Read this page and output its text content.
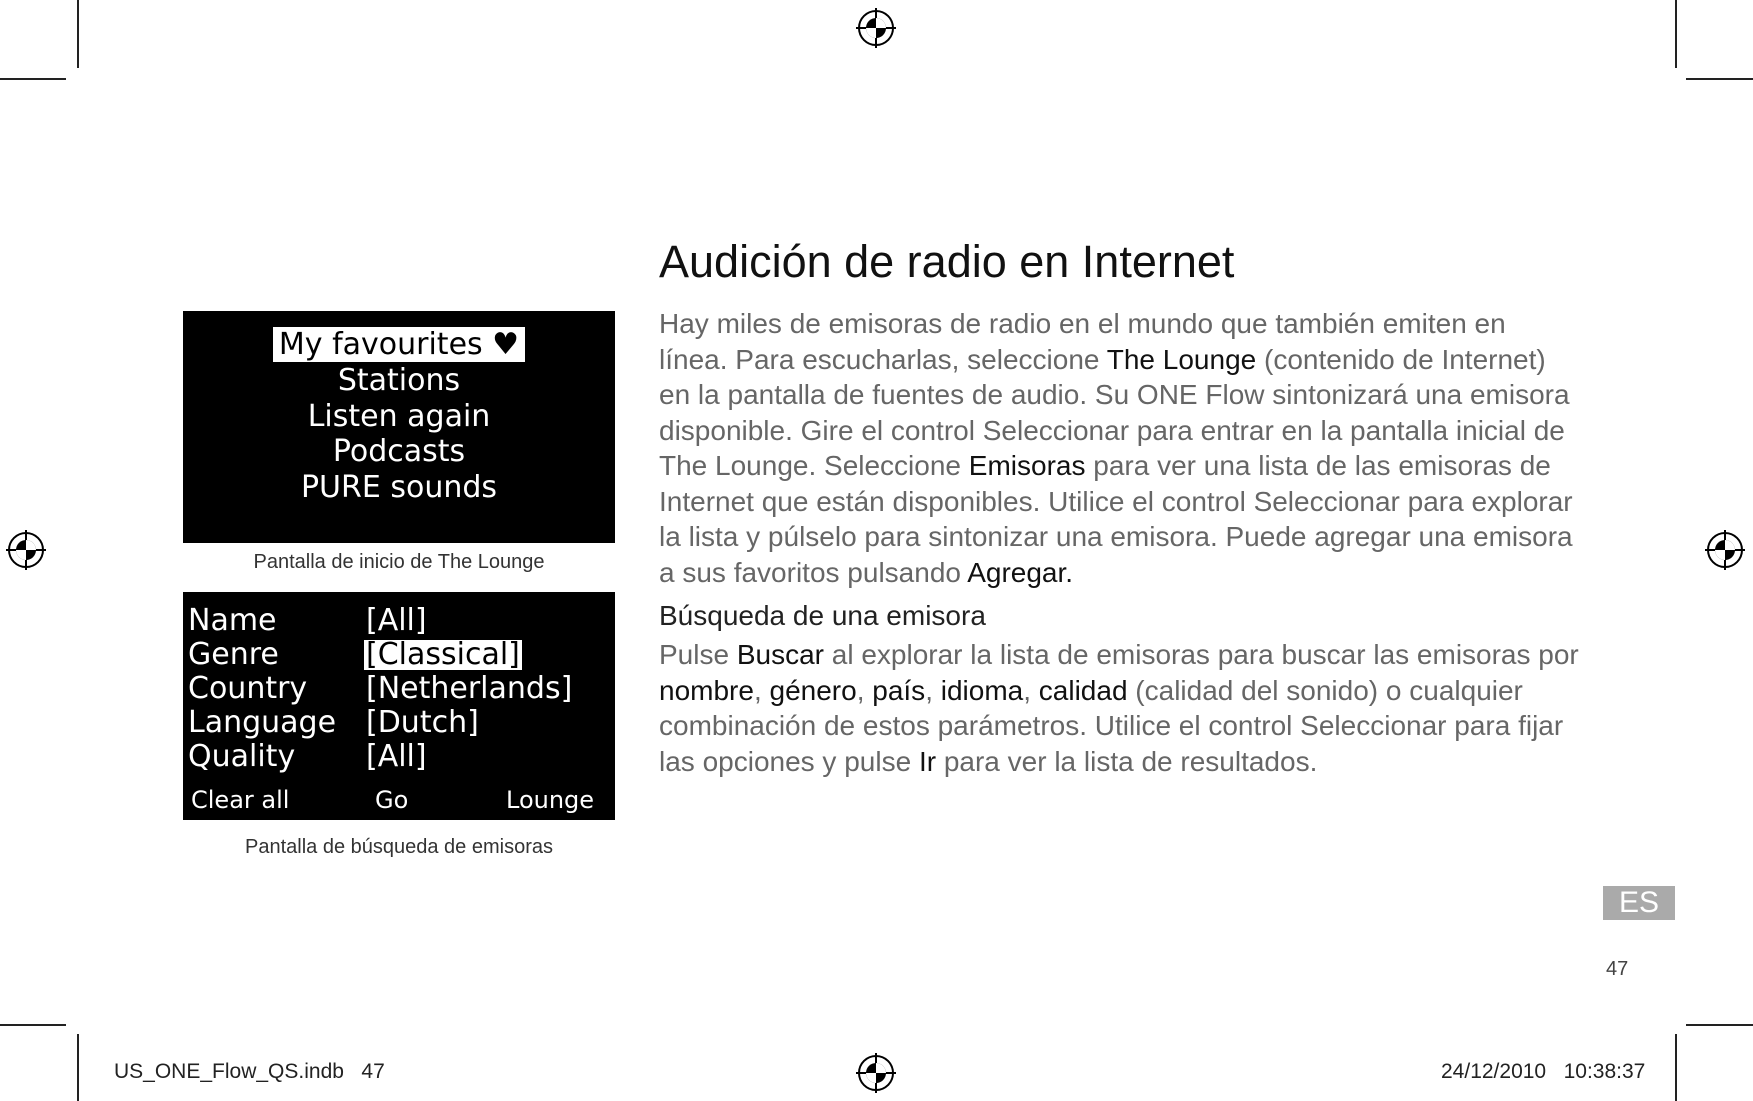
My favourites ♥
Stations
Listen again
Podcasts
PURE sounds
Pantalla de inicio de The Lounge
Name	[All]
Genre	[Classical]
Country [Netherlands]
Language [Dutch]
Quality [All]
Clear all	Go	Lounge
Pantalla de búsqueda de emisoras
Audición de radio en Internet

Hay miles de emisoras de radio en el mundo que también emiten en línea. Para escucharlas, seleccione The Lounge (contenido de Internet) en la pantalla de fuentes de audio. Su ONE Flow sintonizará una emisora disponible. Gire el control Seleccionar para entrar en la pantalla inicial de The Lounge. Seleccione Emisoras para ver una lista de las emisoras de Internet que están disponibles. Utilice el control Seleccionar para explorar la lista y púlselo para sintonizar una emisora. Puede agregar una emisora a sus favoritos pulsando Agregar.

Búsqueda de una emisora

Pulse Buscar al explorar la lista de emisoras para buscar las emisoras por nombre, género, país, idioma, calidad (calidad del sonido) o cualquier combinación de estos parámetros. Utilice el control Seleccionar para fijar las opciones y pulse Ir para ver la lista de resultados.

ES
47
US_ONE_Flow_QS.indb   47	24/12/2010   10:38:37
